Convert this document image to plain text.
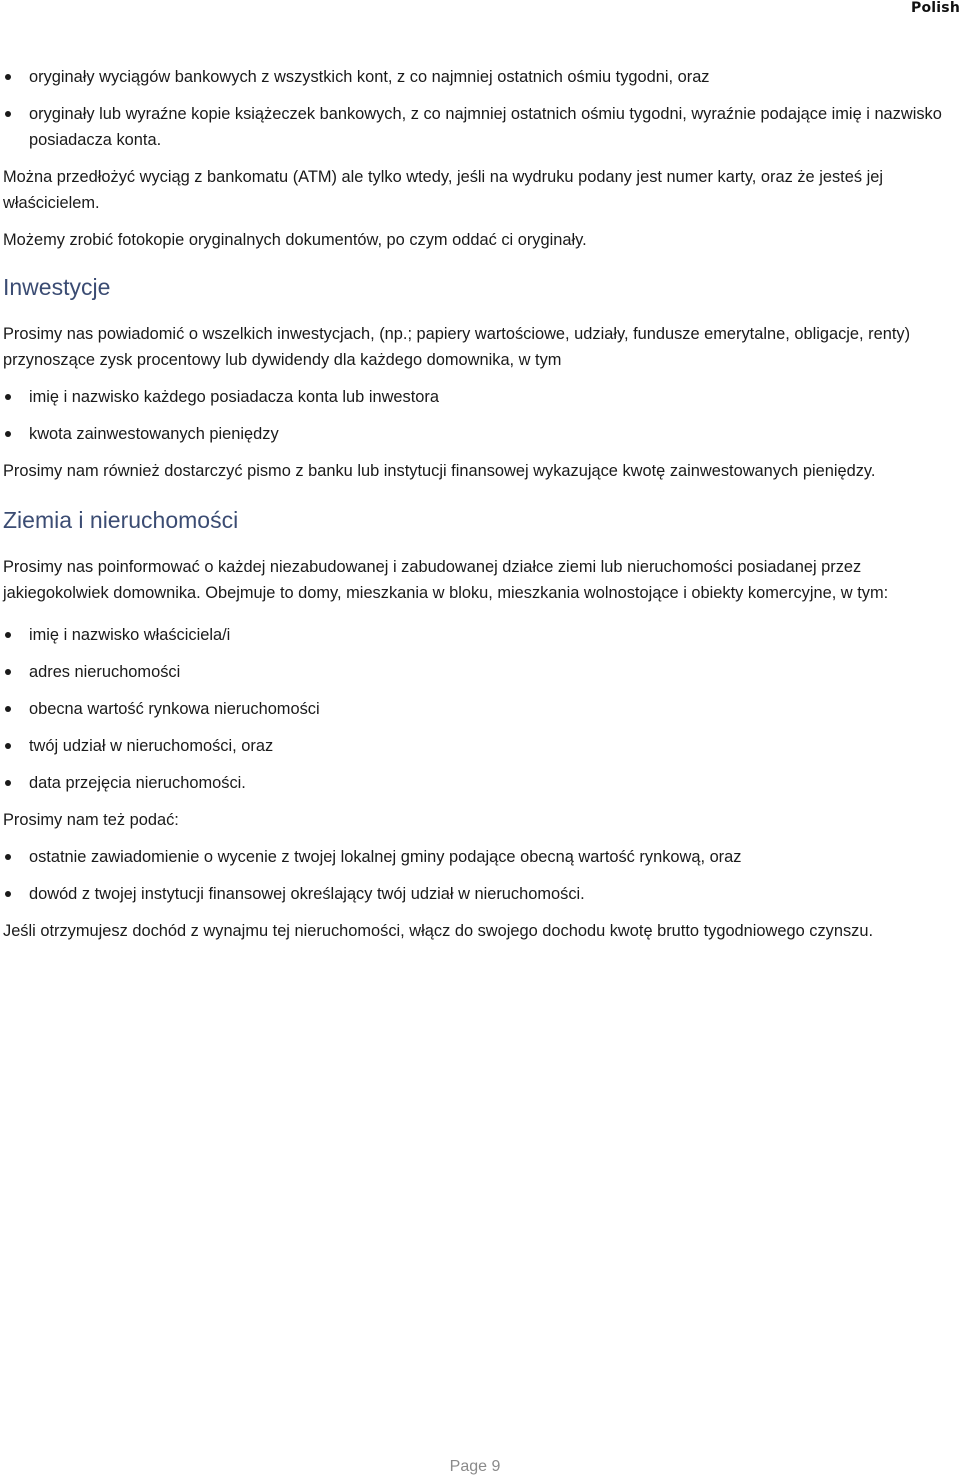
Polish
oryginały wyciągów bankowych z wszystkich kont, z co najmniej ostatnich ośmiu tygodni, oraz
oryginały lub wyraźne kopie książeczek bankowych, z co najmniej ostatnich ośmiu tygodni, wyraźnie podające imię i nazwisko posiadacza konta.

Można przedłożyć wyciąg z bankomatu (ATM) ale tylko wtedy, jeśli na wydruku podany jest numer karty, oraz że jesteś jej właścicielem.

Możemy zrobić fotokopie oryginalnych dokumentów, po czym oddać ci oryginały.

Inwestycje

Prosimy nas powiadomić o wszelkich inwestycjach, (np.; papiery wartościowe, udziały, fundusze emerytalne, obligacje, renty) przynoszące zysk procentowy lub dywidendy dla każdego domownika, w tym

imię i nazwisko każdego posiadacza konta lub inwestora
kwota zainwestowanych pieniędzy

Prosimy nam również dostarczyć pismo z banku lub instytucji finansowej wykazujące kwotę zainwestowanych pieniędzy.

Ziemia i nieruchomości

Prosimy nas poinformować o każdej niezabudowanej i zabudowanej działce ziemi lub nieruchomości posiadanej przez jakiegokolwiek domownika. Obejmuje to domy, mieszkania w bloku, mieszkania wolnostojące i obiekty komercyjne, w tym:

imię i nazwisko właściciela/i
adres nieruchomości
obecna wartość rynkowa nieruchomości
twój udział w nieruchomości, oraz
data przejęcia nieruchomości.

Prosimy nam też podać:

ostatnie zawiadomienie o wycenie z twojej lokalnej gminy podające obecną wartość rynkową, oraz
dowód z twojej instytucji finansowej określający twój udział w nieruchomości.

Jeśli otrzymujesz dochód z wynajmu tej nieruchomości, włącz do swojego dochodu kwotę brutto tygodniowego czynszu.

Page 9
